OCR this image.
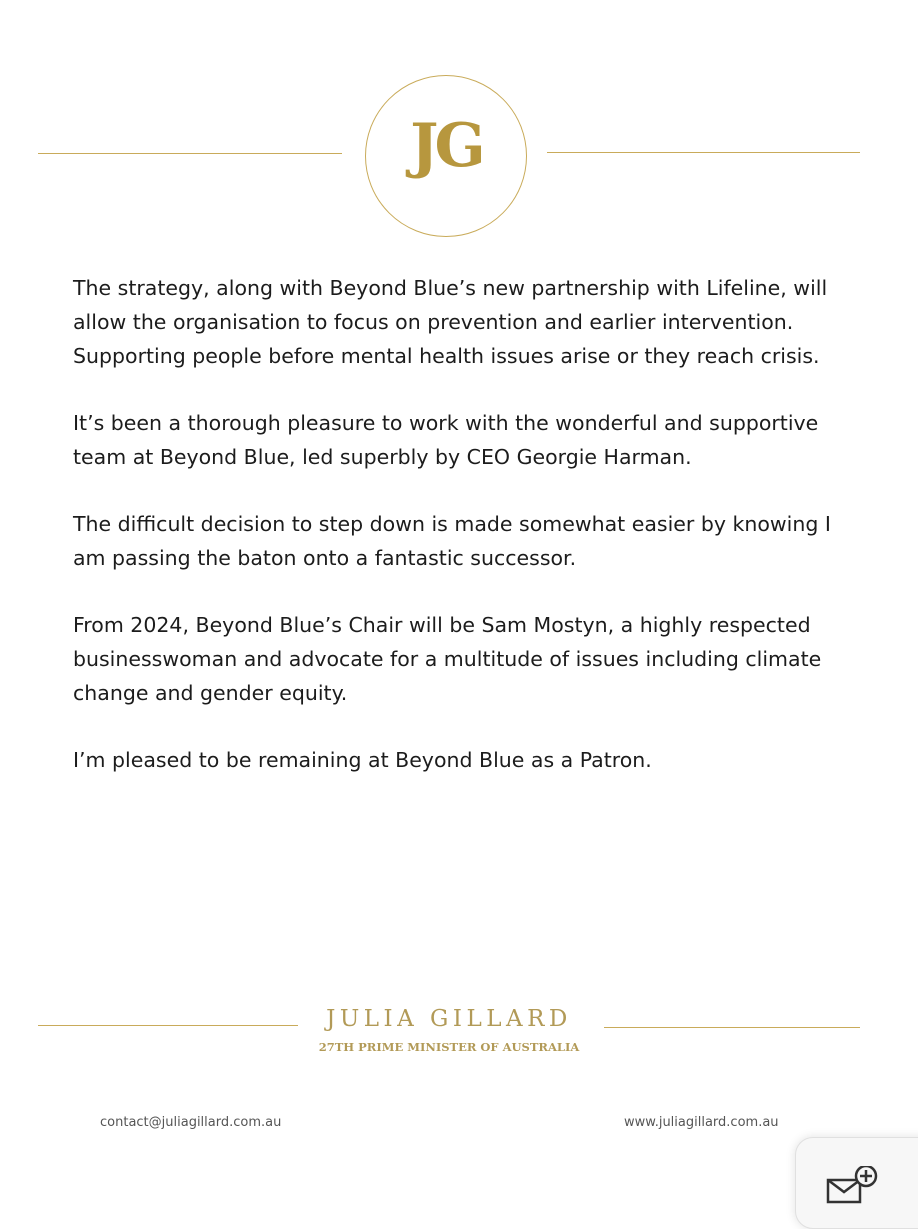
JG

The strategy, along with Beyond Blue’s new partnership with Lifeline, will allow the organisation to focus on prevention and earlier intervention. Supporting people before mental health issues arise or they reach crisis.

It’s been a thorough pleasure to work with the wonderful and supportive team at Beyond Blue, led superbly by CEO Georgie Harman.

The difficult decision to step down is made somewhat easier by knowing I am passing the baton onto a fantastic successor.

From 2024, Beyond Blue’s Chair will be Sam Mostyn, a highly respected businesswoman and advocate for a multitude of issues including climate change and gender equity.

I’m pleased to be remaining at Beyond Blue as a Patron.

JULIA GILLARD
27TH PRIME MINISTER OF AUSTRALIA
contact@juliagillard.com.au	www.juliagillard.com.au
